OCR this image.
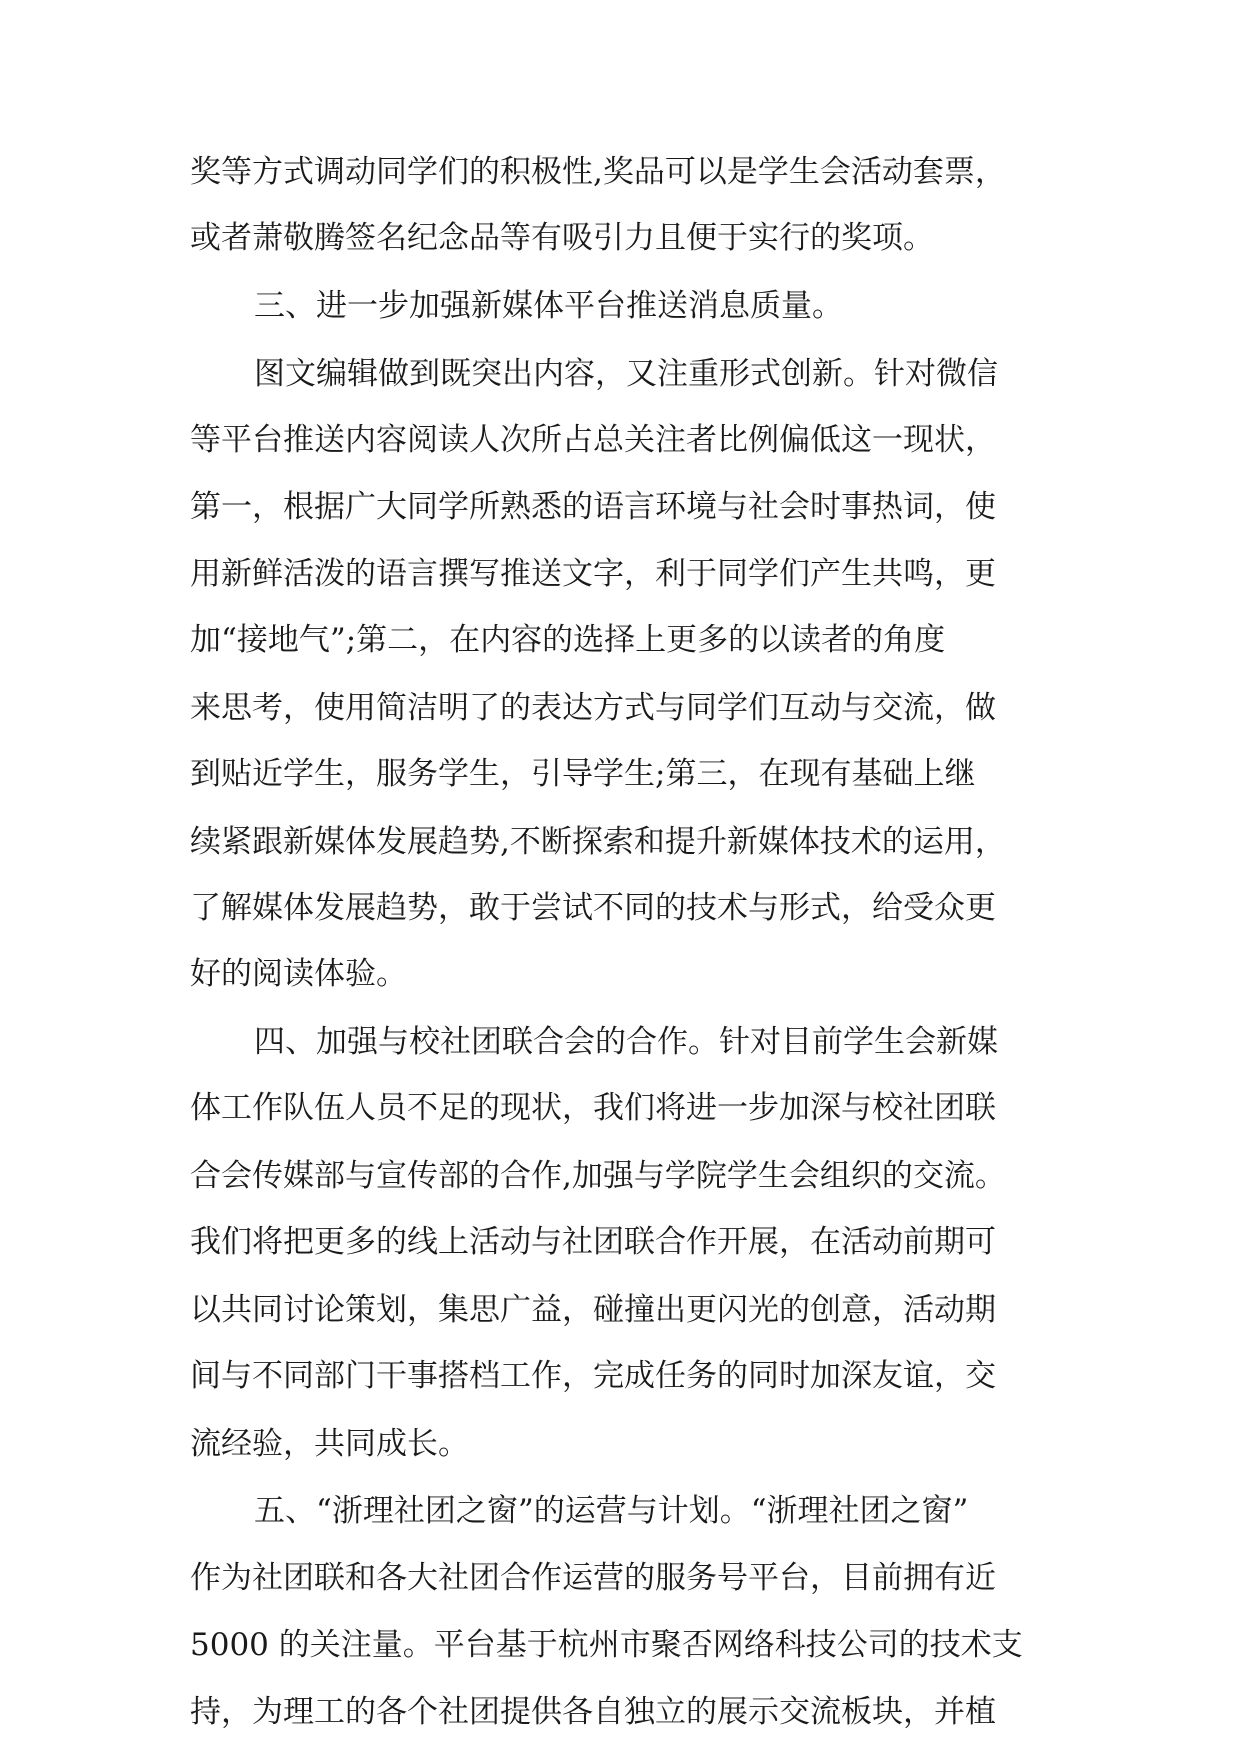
奖等方式调动同学们的积极性,奖品可以是学生会活动套票，
或者萧敬腾签名纪念品等有吸引力且便于实行的奖项。
三、进一步加强新媒体平台推送消息质量。
图文编辑做到既突出内容，又注重形式创新。针对微信
等平台推送内容阅读人次所占总关注者比例偏低这一现状，
第一，根据广大同学所熟悉的语言环境与社会时事热词，使
用新鲜活泼的语言撰写推送文字，利于同学们产生共鸣，更
加“接地气”;第二，在内容的选择上更多的以读者的角度
来思考，使用简洁明了的表达方式与同学们互动与交流，做
到贴近学生，服务学生，引导学生;第三，在现有基础上继
续紧跟新媒体发展趋势,不断探索和提升新媒体技术的运用，
了解媒体发展趋势，敢于尝试不同的技术与形式，给受众更
好的阅读体验。
四、加强与校社团联合会的合作。针对目前学生会新媒
体工作队伍人员不足的现状，我们将进一步加深与校社团联
合会传媒部与宣传部的合作,加强与学院学生会组织的交流。
我们将把更多的线上活动与社团联合作开展，在活动前期可
以共同讨论策划，集思广益，碰撞出更闪光的创意，活动期
间与不同部门干事搭档工作，完成任务的同时加深友谊，交
流经验，共同成长。
五、“浙理社团之窗”的运营与计划。“浙理社团之窗”
作为社团联和各大社团合作运营的服务号平台，目前拥有近
5000 的关注量。平台基于杭州市聚否网络科技公司的技术支
持，为理工的各个社团提供各自独立的展示交流板块，并植
